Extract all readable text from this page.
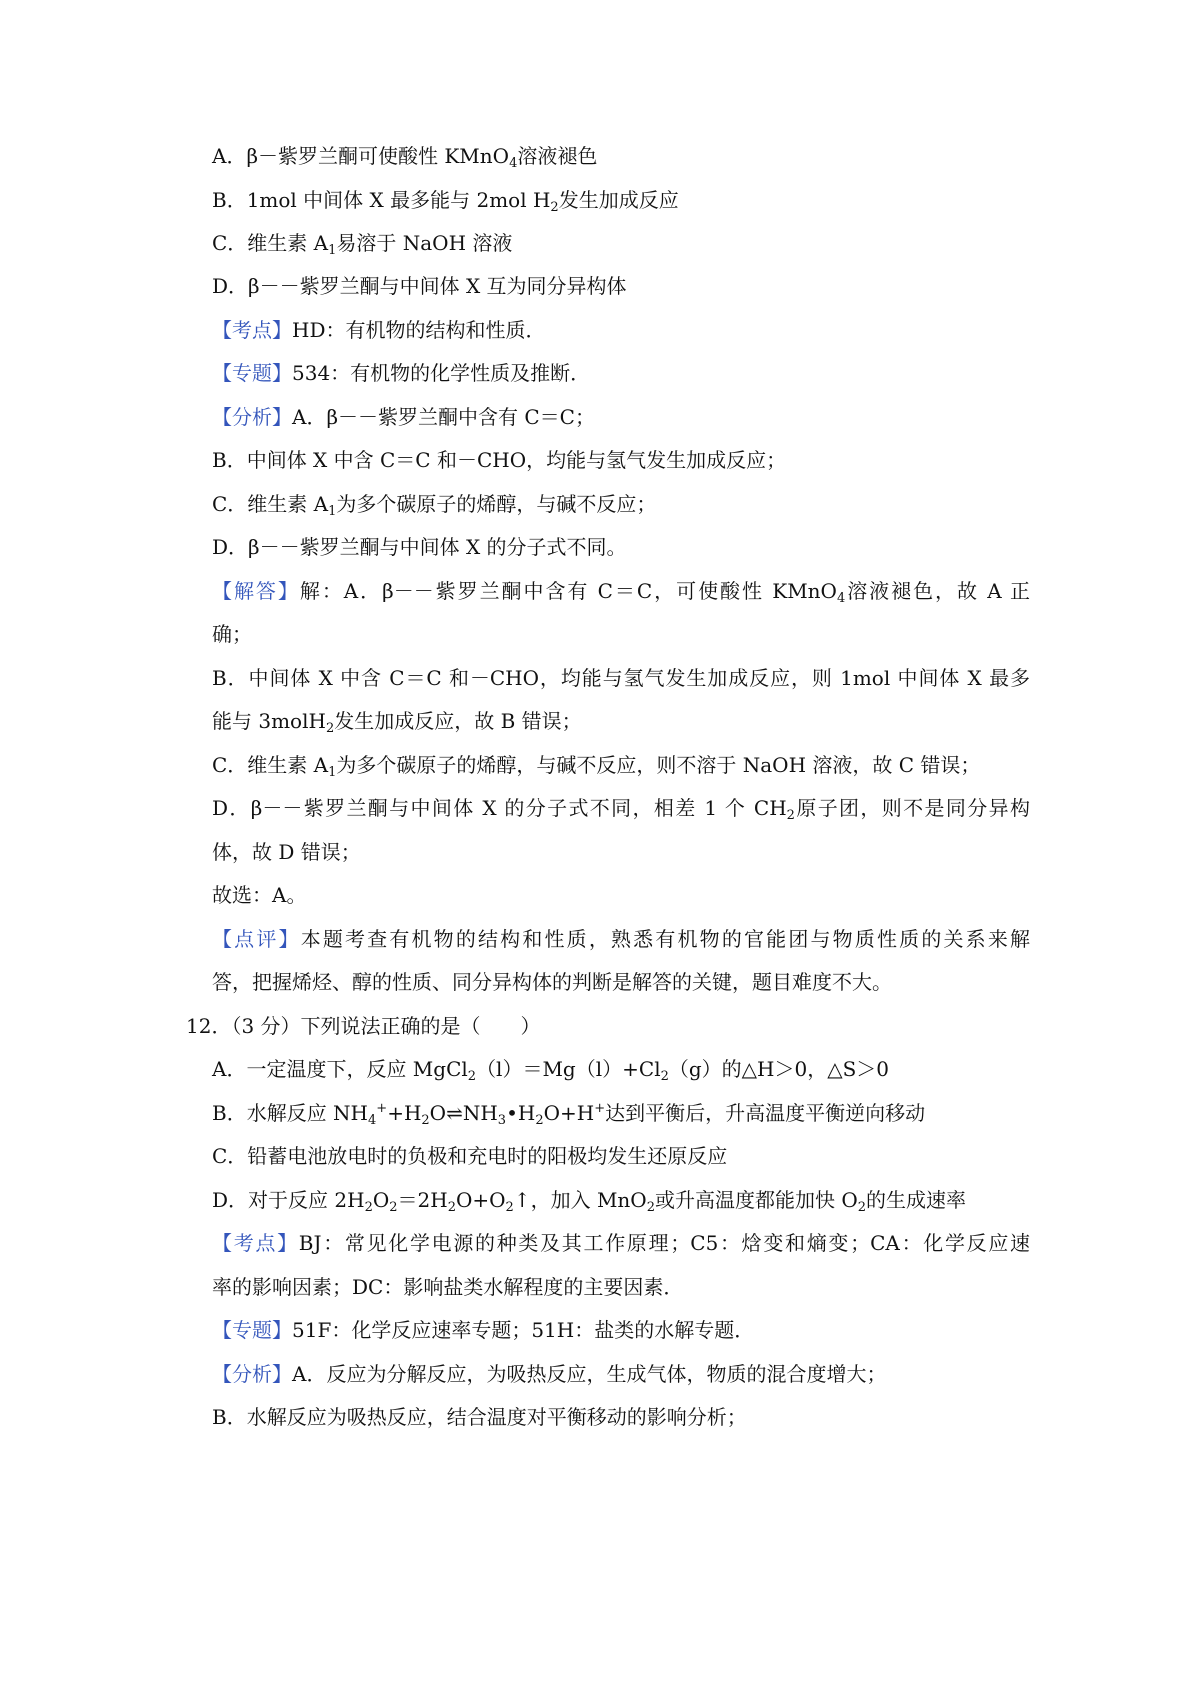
A．β－紫罗兰酮可使酸性 KMnO$_4$溶液褪色
B．1mol 中间体 X 最多能与 2mol $H_2$发生加成反应
C．维生素 $A_1$易溶于 NaOH 溶液
D．β－－紫罗兰酮与中间体 X 互为同分异构体
【考点】HD：有机物的结构和性质．
【专题】534：有机物的化学性质及推断．
【分析】A．β－－紫罗兰酮中含有 C＝C；
B．中间体 X 中含 C＝C 和－CHO，均能与氢气发生加成反应；
C．维生素 $A_1$为多个碳原子的烯醇，与碱不反应；
D．β－－紫罗兰酮与中间体 X 的分子式不同。
【解答】解：A．β－－紫罗兰酮中含有 C＝C，可使酸性 KMnO$_4$溶液褪色，故 A 正
确；
B．中间体 X 中含 C＝C 和－CHO，均能与氢气发生加成反应，则 1mol 中间体 X 最多
能与 3molH$_2$发生加成反应，故 B 错误；
C．维生素 $A_1$为多个碳原子的烯醇，与碱不反应，则不溶于 NaOH 溶液，故 C 错误；
D．β－－紫罗兰酮与中间体 X 的分子式不同，相差 1 个 $CH_2$原子团，则不是同分异构
体，故 D 错误；
故选：A。
【点评】本题考查有机物的结构和性质，熟悉有机物的官能团与物质性质的关系来解
答，把握烯烃、醇的性质、同分异构体的判断是解答的关键，题目难度不大。
12．（3 分）下列说法正确的是（　　）
A．一定温度下，反应 $MgCl_2(l)=Mg(l)+Cl_2(g)$的△H＞0，△S＞0
B．水解反应 $NH_4^++H_2O\rightleftharpoons NH_3•H_2O+H^+$达到平衡后，升高温度平衡逆向移动
C．铅蓄电池放电时的负极和充电时的阳极均发生还原反应
D．对于反应 $2H_2O_2=2H_2O+O_2↑$，加入 MnO$_2$或升高温度都能加快 $O_2$的生成速率
【考点】BJ：常见化学电源的种类及其工作原理；C5：焓变和熵变；CA：化学反应速
率的影响因素；DC：影响盐类水解程度的主要因素．
【专题】51F：化学反应速率专题；51H：盐类的水解专题．
【分析】A．反应为分解反应，为吸热反应，生成气体，物质的混合度增大；
B．水解反应为吸热反应，结合温度对平衡移动的影响分析；
